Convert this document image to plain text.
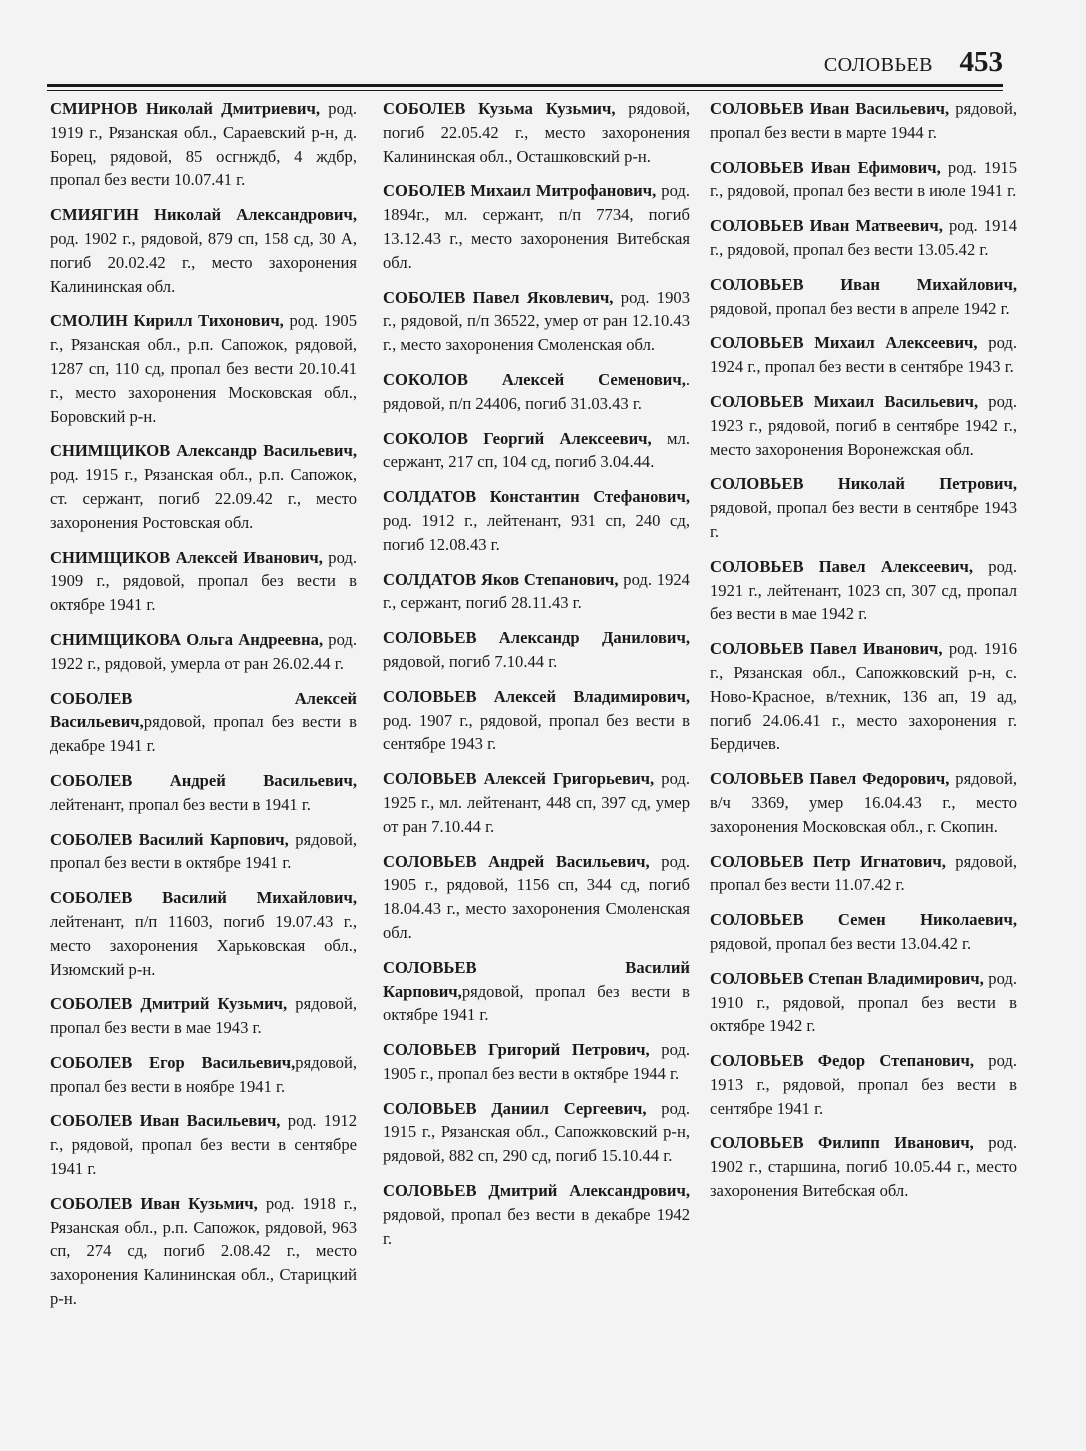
СОЛОВЬЕВ 453

СМИРНОВ Николай Дмитриевич, род. 1919 г., Рязанская обл., Сараевский р-н, д. Борец, рядовой, 85 осгнждб, 4 ждбр, пропал без вести 10.07.41 г.

СМИЯГИН Николай Александрович, род. 1902 г., рядовой, 879 сп, 158 сд, 30 А, погиб 20.02.42 г., место захоронения Калининская обл.

СМОЛИН Кирилл Тихонович, род. 1905 г., Рязанская обл., р.п. Сапожок, рядовой, 1287 сп, 110 сд, пропал без вести 20.10.41 г., место захоронения Московская обл., Боровский р-н.

СНИМЩИКОВ Александр Васильевич, род. 1915 г., Рязанская обл., р.п. Сапожок, ст. сержант, погиб 22.09.42 г., место захоронения Ростовская обл.

СНИМЩИКОВ Алексей Иванович, род. 1909 г., рядовой, пропал без вести в октябре 1941 г.

СНИМЩИКОВА Ольга Андреевна, род. 1922 г., рядовой, умерла от ран 26.02.44 г.

СОБОЛЕВ Алексей Васильевич,рядовой, пропал без вести в декабре 1941 г.

СОБОЛЕВ Андрей Васильевич, лейтенант, пропал без вести в 1941 г.

СОБОЛЕВ Василий Карпович, рядовой, пропал без вести в октябре 1941 г.

СОБОЛЕВ Василий Михайлович, лейтенант, п/п 11603, погиб 19.07.43 г., место захоронения Харьковская обл., Изюмский р-н.

СОБОЛЕВ Дмитрий Кузьмич, рядовой, пропал без вести в мае 1943 г.

СОБОЛЕВ Егор Васильевич,рядовой, пропал без вести в ноябре 1941 г.

СОБОЛЕВ Иван Васильевич, род. 1912 г., рядовой, пропал без вести в сентябре 1941 г.

СОБОЛЕВ Иван Кузьмич, род. 1918 г., Рязанская обл., р.п. Сапожок, рядовой, 963 сп, 274 сд, погиб 2.08.42 г., место захоронения Калининская обл., Старицкий р-н.

СОБОЛЕВ Кузьма Кузьмич, рядовой, погиб 22.05.42 г., место захоронения Калининская обл., Осташковский р-н.

СОБОЛЕВ Михаил Митрофанович, род. 1894г., мл. сержант, п/п 7734, погиб 13.12.43 г., место захоронения Витебская обл.

СОБОЛЕВ Павел Яковлевич, род. 1903 г., рядовой, п/п 36522, умер от ран 12.10.43 г., место захоронения Смоленская обл.

СОКОЛОВ Алексей Семенович,. рядовой, п/п 24406, погиб 31.03.43 г.

СОКОЛОВ Георгий Алексеевич, мл. сержант, 217 сп, 104 сд, погиб 3.04.44.

СОЛДАТОВ Константин Стефанович, род. 1912 г., лейтенант, 931 сп, 240 сд, погиб 12.08.43 г.

СОЛДАТОВ Яков Степанович, род. 1924 г., сержант, погиб 28.11.43 г.

СОЛОВЬЕВ Александр Данилович, рядовой, погиб 7.10.44 г.

СОЛОВЬЕВ Алексей Владимирович, род. 1907 г., рядовой, пропал без вести в сентябре 1943 г.

СОЛОВЬЕВ Алексей Григорьевич, род. 1925 г., мл. лейтенант, 448 сп, 397 сд, умер от ран 7.10.44 г.

СОЛОВЬЕВ Андрей Васильевич, род. 1905 г., рядовой, 1156 сп, 344 сд, погиб 18.04.43 г., место захоронения Смоленская обл.

СОЛОВЬЕВ Василий Карпович,рядовой, пропал без вести в октябре 1941 г.

СОЛОВЬЕВ Григорий Петрович, род. 1905 г., пропал без вести в октябре 1944 г.

СОЛОВЬЕВ Даниил Сергеевич, род. 1915 г., Рязанская обл., Сапожковский р-н, рядовой, 882 сп, 290 сд, погиб 15.10.44 г.

СОЛОВЬЕВ Дмитрий Александрович, рядовой, пропал без вести в декабре 1942 г.

СОЛОВЬЕВ Иван Васильевич, рядовой, пропал без вести в марте 1944 г.

СОЛОВЬЕВ Иван Ефимович, род. 1915 г., рядовой, пропал без вести в июле 1941 г.

СОЛОВЬЕВ Иван Матвеевич, род. 1914 г., рядовой, пропал без вести 13.05.42 г.

СОЛОВЬЕВ Иван Михайлович, рядовой, пропал без вести в апреле 1942 г.

СОЛОВЬЕВ Михаил Алексеевич, род. 1924 г., пропал без вести в сентябре 1943 г.

СОЛОВЬЕВ Михаил Васильевич, род. 1923 г., рядовой, погиб в сентябре 1942 г., место захоронения Воронежская обл.

СОЛОВЬЕВ Николай Петрович, рядовой, пропал без вести в сентябре 1943 г.

СОЛОВЬЕВ Павел Алексеевич, род. 1921 г., лейтенант, 1023 сп, 307 сд, пропал без вести в мае 1942 г.

СОЛОВЬЕВ Павел Иванович, род. 1916 г., Рязанская обл., Сапожковский р-н, с. Ново-Красное, в/техник, 136 ап, 19 ад, погиб 24.06.41 г., место захоронения г. Бердичев.

СОЛОВЬЕВ Павел Федорович, рядовой, в/ч 3369, умер 16.04.43 г., место захоронения Московская обл., г. Скопин.

СОЛОВЬЕВ Петр Игнатович, рядовой, пропал без вести 11.07.42 г.

СОЛОВЬЕВ Семен Николаевич, рядовой, пропал без вести 13.04.42 г.

СОЛОВЬЕВ Степан Владимирович, род. 1910 г., рядовой, пропал без вести в октябре 1942 г.

СОЛОВЬЕВ Федор Степанович, род. 1913 г., рядовой, пропал без вести в сентябре 1941 г.

СОЛОВЬЕВ Филипп Иванович, род. 1902 г., старшина, погиб 10.05.44 г., место захоронения Витебская обл.
